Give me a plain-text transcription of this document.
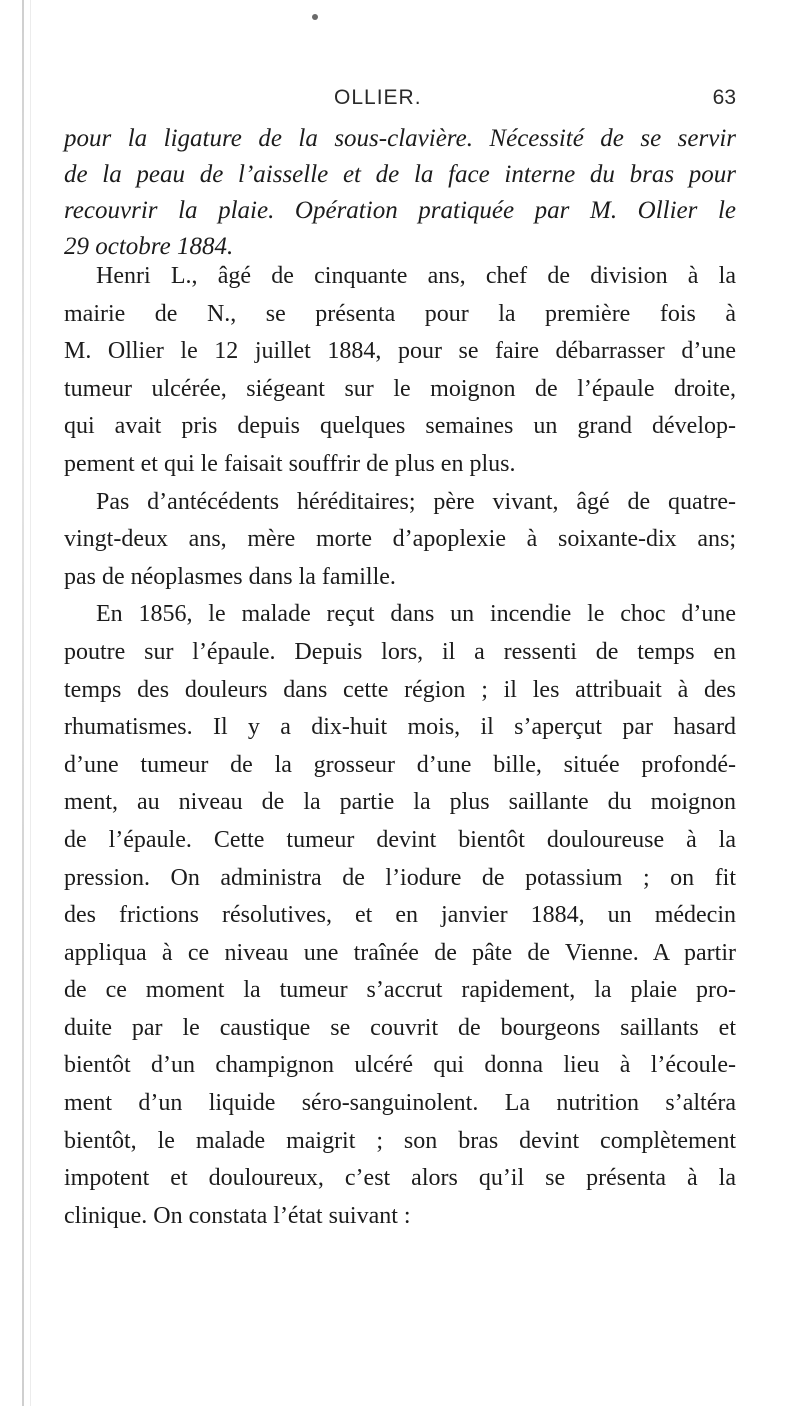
OLLIER.	63
pour la ligature de la sous-clavière. Nécessité de se servir
de la peau de l’aisselle et de la face interne du bras pour
recouvrir la plaie. Opération pratiquée par M. Ollier le
29 octobre 1884.
Henri L., âgé de cinquante ans, chef de division à la
mairie de N., se présenta pour la première fois à
M. Ollier le 12 juillet 1884, pour se faire débarrasser d’une
tumeur ulcérée, siégeant sur le moignon de l’épaule droite,
qui avait pris depuis quelques semaines un grand dévelop-
pement et qui le faisait souffrir de plus en plus.
Pas d’antécédents héréditaires; père vivant, âgé de quatre-
vingt-deux ans, mère morte d’apoplexie à soixante-dix ans;
pas de néoplasmes dans la famille.
En 1856, le malade reçut dans un incendie le choc d’une
poutre sur l’épaule. Depuis lors, il a ressenti de temps en
temps des douleurs dans cette région ; il les attribuait à des
rhumatismes. Il y a dix-huit mois, il s’aperçut par hasard
d’une tumeur de la grosseur d’une bille, située profondé-
ment, au niveau de la partie la plus saillante du moignon
de l’épaule. Cette tumeur devint bientôt douloureuse à la
pression. On administra de l’iodure de potassium ; on fit
des frictions résolutives, et en janvier 1884, un médecin
appliqua à ce niveau une traînée de pâte de Vienne. A partir
de ce moment la tumeur s’accrut rapidement, la plaie pro-
duite par le caustique se couvrit de bourgeons saillants et
bientôt d’un champignon ulcéré qui donna lieu à l’écoule-
ment d’un liquide séro-sanguinolent. La nutrition s’altéra
bientôt, le malade maigrit ; son bras devint complètement
impotent et douloureux, c’est alors qu’il se présenta à la
clinique. On constata l’état suivant :
